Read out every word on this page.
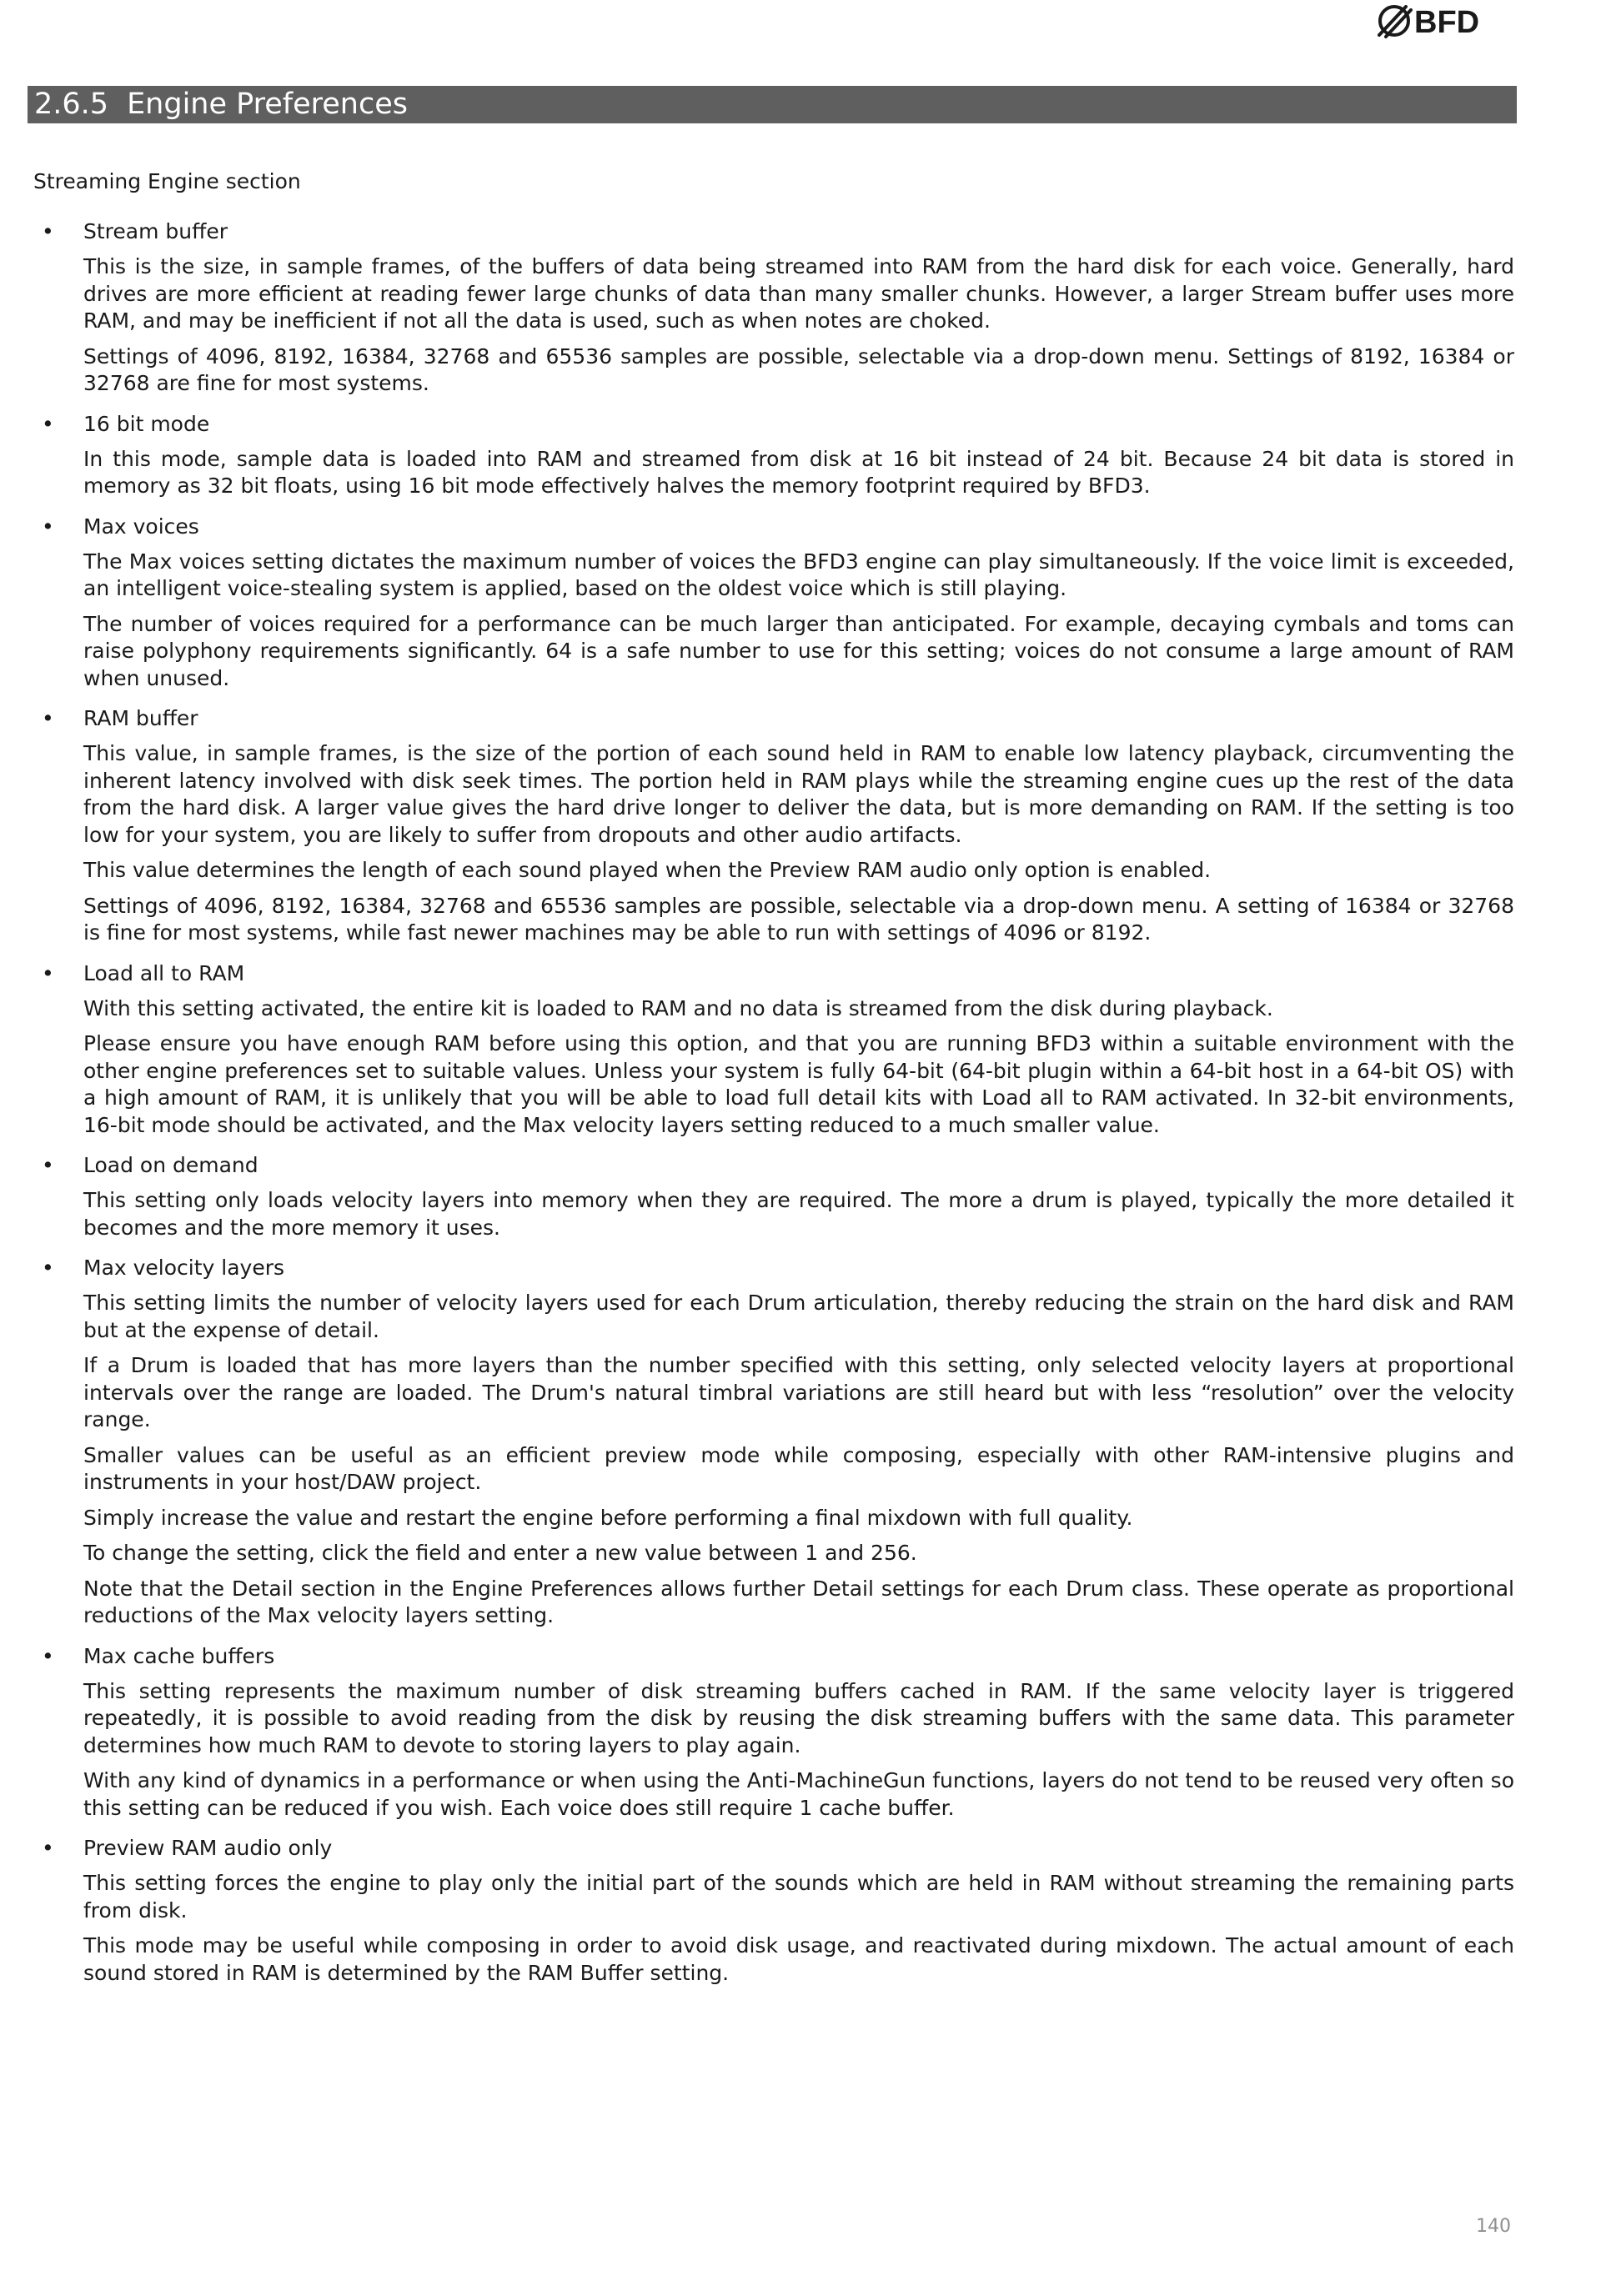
BFD
2.6.5 Engine Preferences
Streaming Engine section
• Stream buffer

This is the size, in sample frames, of the buffers of data being streamed into RAM from the hard disk for each voice. Generally, hard drives are more efficient at reading fewer large chunks of data than many smaller chunks. However, a larger Stream buffer uses more RAM, and may be inefficient if not all the data is used, such as when notes are choked.

Settings of 4096, 8192, 16384, 32768 and 65536 samples are possible, selectable via a drop-down menu. Settings of 8192, 16384 or 32768 are fine for most systems.

• 16 bit mode

In this mode, sample data is loaded into RAM and streamed from disk at 16 bit instead of 24 bit. Because 24 bit data is stored in memory as 32 bit floats, using 16 bit mode effectively halves the memory footprint required by BFD3.

• Max voices

The Max voices setting dictates the maximum number of voices the BFD3 engine can play simultaneously. If the voice limit is exceeded, an intelligent voice-stealing system is applied, based on the oldest voice which is still playing.

The number of voices required for a performance can be much larger than anticipated. For example, decaying cymbals and toms can raise polyphony requirements significantly. 64 is a safe number to use for this setting; voices do not consume a large amount of RAM when unused.

• RAM buffer

This value, in sample frames, is the size of the portion of each sound held in RAM to enable low latency playback, circumventing the inherent latency involved with disk seek times. The portion held in RAM plays while the streaming engine cues up the rest of the data from the hard disk. A larger value gives the hard drive longer to deliver the data, but is more demanding on RAM. If the setting is too low for your system, you are likely to suffer from dropouts and other audio artifacts.

This value determines the length of each sound played when the Preview RAM audio only option is enabled.

Settings of 4096, 8192, 16384, 32768 and 65536 samples are possible, selectable via a drop-down menu. A setting of 16384 or 32768 is fine for most systems, while fast newer machines may be able to run with settings of 4096 or 8192.

• Load all to RAM

With this setting activated, the entire kit is loaded to RAM and no data is streamed from the disk during playback.

Please ensure you have enough RAM before using this option, and that you are running BFD3 within a suitable environment with the other engine preferences set to suitable values. Unless your system is fully 64-bit (64-bit plugin within a 64-bit host in a 64-bit OS) with a high amount of RAM, it is unlikely that you will be able to load full detail kits with Load all to RAM activated. In 32-bit environments, 16-bit mode should be activated, and the Max velocity layers setting reduced to a much smaller value.

• Load on demand

This setting only loads velocity layers into memory when they are required. The more a drum is played, typically the more detailed it becomes and the more memory it uses.

• Max velocity layers

This setting limits the number of velocity layers used for each Drum articulation, thereby reducing the strain on the hard disk and RAM but at the expense of detail.

If a Drum is loaded that has more layers than the number specified with this setting, only selected velocity layers at proportional intervals over the range are loaded. The Drum's natural timbral variations are still heard but with less “resolution” over the velocity range.

Smaller values can be useful as an efficient preview mode while composing, especially with other RAM-intensive plugins and instruments in your host/DAW project.

Simply increase the value and restart the engine before performing a final mixdown with full quality.

To change the setting, click the field and enter a new value between 1 and 256.

Note that the Detail section in the Engine Preferences allows further Detail settings for each Drum class. These operate as proportional reductions of the Max velocity layers setting.

• Max cache buffers

This setting represents the maximum number of disk streaming buffers cached in RAM. If the same velocity layer is triggered repeatedly, it is possible to avoid reading from the disk by reusing the disk streaming buffers with the same data. This parameter determines how much RAM to devote to storing layers to play again.

With any kind of dynamics in a performance or when using the Anti-MachineGun functions, layers do not tend to be reused very often so this setting can be reduced if you wish. Each voice does still require 1 cache buffer.

• Preview RAM audio only

This setting forces the engine to play only the initial part of the sounds which are held in RAM without streaming the remaining parts from disk.

This mode may be useful while composing in order to avoid disk usage, and reactivated during mixdown. The actual amount of each sound stored in RAM is determined by the RAM Buffer setting.

140
